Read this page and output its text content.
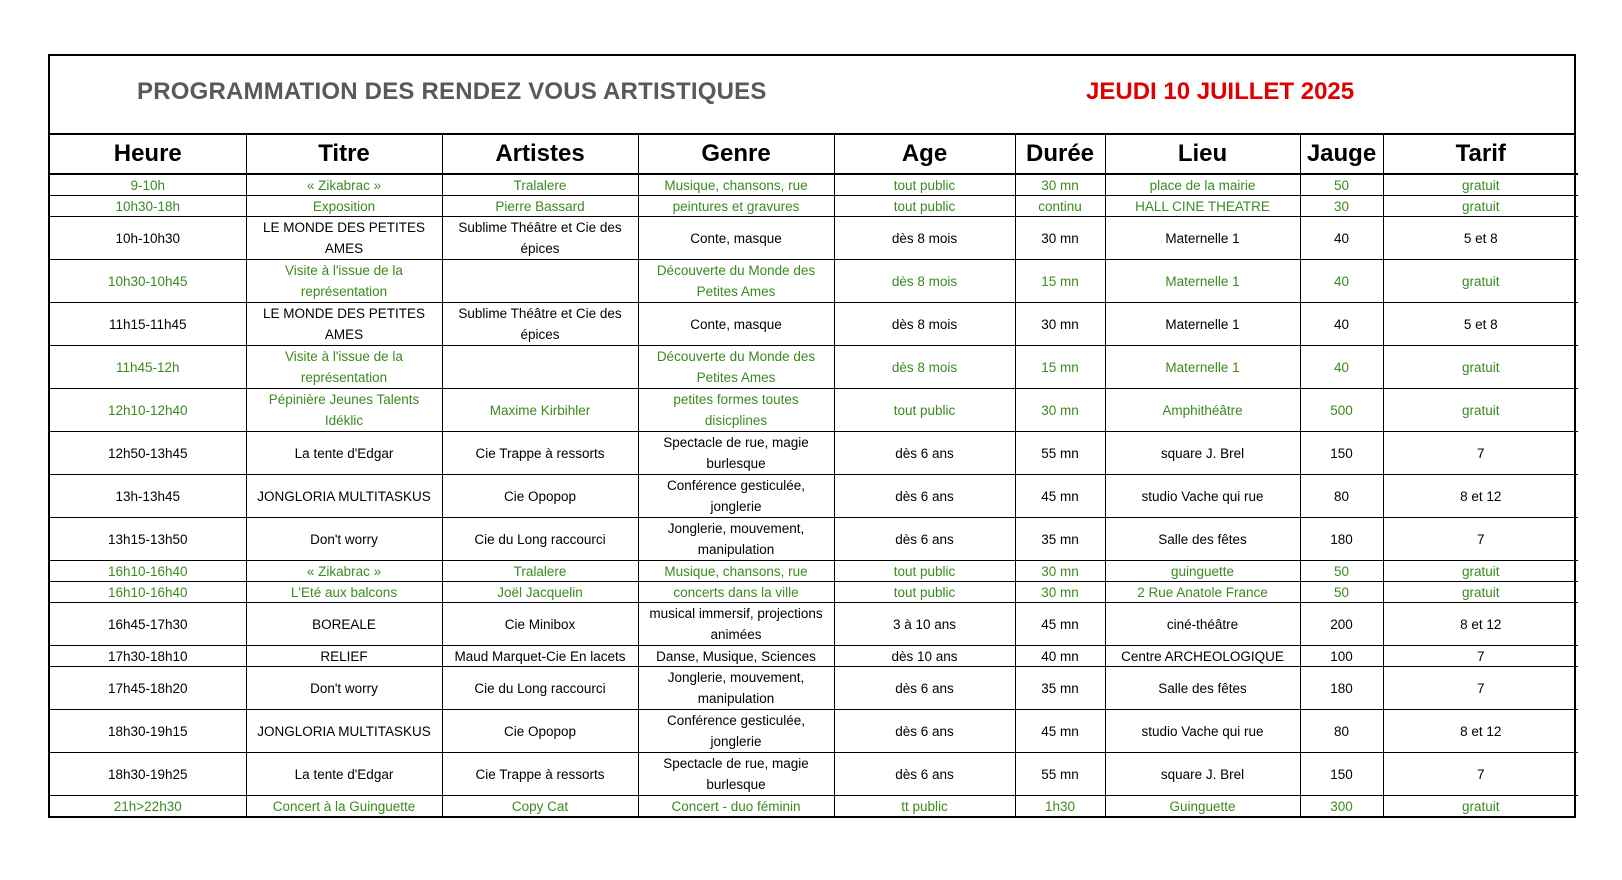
PROGRAMMATION DES RENDEZ VOUS ARTISTIQUES	JEUDI 10 JUILLET 2025
Heure	Titre	Artistes	Genre	Age	Durée	Lieu	Jauge	Tarif
9-10h	« Zikabrac »	Tralalere	Musique, chansons, rue	tout public	30 mn	place de la mairie	50	gratuit
10h30-18h	Exposition	Pierre Bassard	peintures et gravures	tout public	continu	HALL CINE THEATRE	30	gratuit
10h-10h30	LE MONDE DES PETITES AMES	Sublime Théâtre et Cie des épices	Conte, masque	dès 8 mois	30 mn	Maternelle 1	40	5 et 8
10h30-10h45	Visite à l'issue de la représentation		Découverte du Monde des Petites Ames	dès 8 mois	15 mn	Maternelle 1	40	gratuit
11h15-11h45	LE MONDE DES PETITES AMES	Sublime Théâtre et Cie des épices	Conte, masque	dès 8 mois	30 mn	Maternelle 1	40	5 et 8
11h45-12h	Visite à l'issue de la représentation		Découverte du Monde des Petites Ames	dès 8 mois	15 mn	Maternelle 1	40	gratuit
12h10-12h40	Pépinière Jeunes Talents Idéklic	Maxime Kirbihler	petites formes toutes disicplines	tout public	30 mn	Amphithéâtre	500	gratuit
12h50-13h45	La tente d'Edgar	Cie Trappe à ressorts	Spectacle de rue, magie burlesque	dès 6 ans	55 mn	square J. Brel	150	7
13h-13h45	JONGLORIA MULTITASKUS	Cie Opopop	Conférence gesticulée, jonglerie	dès 6 ans	45 mn	studio Vache qui rue	80	8 et 12
13h15-13h50	Don't worry	Cie du Long raccourci	Jonglerie, mouvement, manipulation	dès 6 ans	35 mn	Salle des fêtes	180	7
16h10-16h40	« Zikabrac »	Tralalere	Musique, chansons, rue	tout public	30 mn	guinguette	50	gratuit
16h10-16h40	L'Eté aux balcons	Joël Jacquelin	concerts dans la ville	tout public	30 mn	2 Rue Anatole France	50	gratuit
16h45-17h30	BOREALE	Cie Minibox	musical immersif, projections animées	3 à 10 ans	45 mn	ciné-théâtre	200	8 et 12
17h30-18h10	RELIEF	Maud Marquet-Cie En lacets	Danse, Musique, Sciences	dès 10 ans	40 mn	Centre ARCHEOLOGIQUE	100	7
17h45-18h20	Don't worry	Cie du Long raccourci	Jonglerie, mouvement, manipulation	dès 6 ans	35 mn	Salle des fêtes	180	7
18h30-19h15	JONGLORIA MULTITASKUS	Cie Opopop	Conférence gesticulée, jonglerie	dès 6 ans	45 mn	studio Vache qui rue	80	8 et 12
18h30-19h25	La tente d'Edgar	Cie Trappe à ressorts	Spectacle de rue, magie burlesque	dès 6 ans	55 mn	square J. Brel	150	7
21h>22h30	Concert à la Guinguette	Copy Cat	Concert - duo féminin	tt public	1h30	Guinguette	300	gratuit
